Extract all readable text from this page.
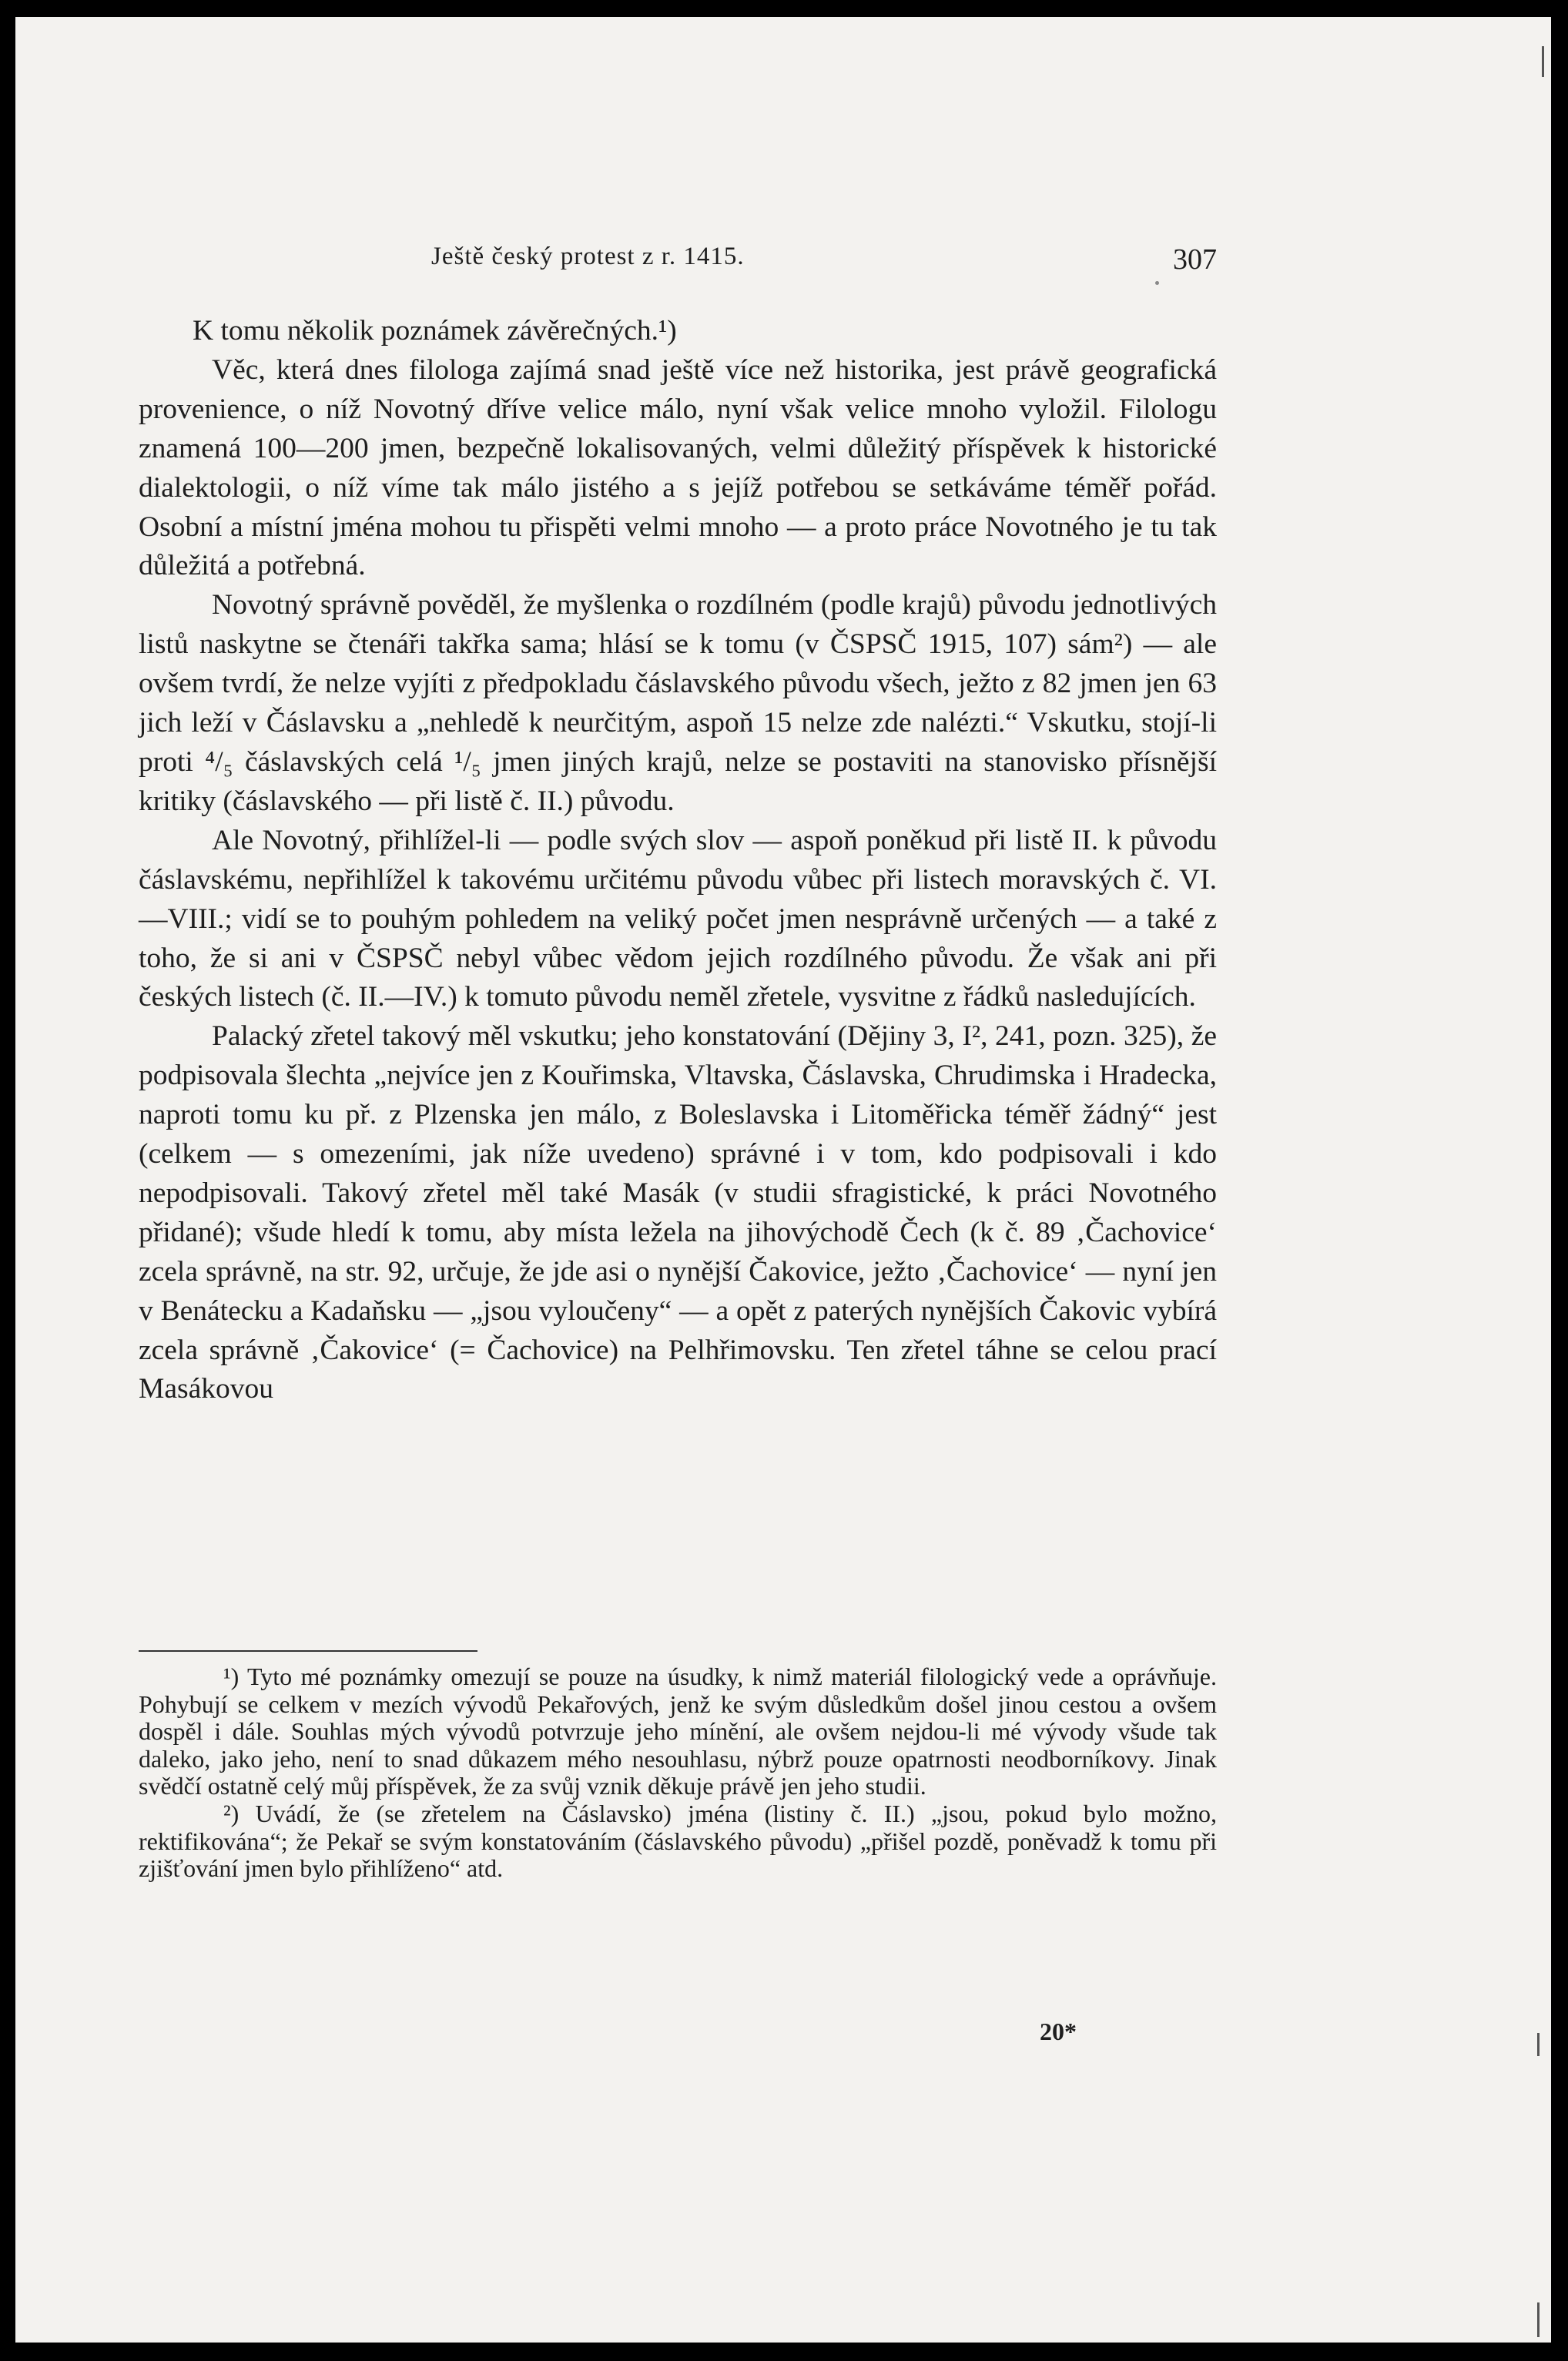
Ještě český protest z r. 1415.	307

K tomu několik poznámek závěrečných.¹)

Věc, která dnes filologa zajímá snad ještě více než historika, jest právě geografická provenience, o níž Novotný dříve velice málo, nyní však velice mnoho vyložil. Filologu znamená 100—200 jmen, bezpečně lokalisovaných, velmi důležitý příspěvek k historické dialektologii, o níž víme tak málo jistého a s jejíž potřebou se setkáváme téměř pořád. Osobní a místní jména mohou tu přispěti velmi mnoho — a proto práce Novotného je tu tak důležitá a potřebná.

Novotný správně pověděl, že myšlenka o rozdílném (podle krajů) původu jednotlivých listů naskytne se čtenáři takřka sama; hlásí se k tomu (v ČSPSČ 1915, 107) sám²) — ale ovšem tvrdí, že nelze vyjíti z předpokladu čáslavského původu všech, ježto z 82 jmen jen 63 jich leží v Čáslavsku a „nehledě k neurčitým, aspoň 15 nelze zde nalézti.“ Vskutku, stojí-li proti ⁴/₅ čáslavských celá ¹/₅ jmen jiných krajů, nelze se postaviti na stanovisko přísnější kritiky (čáslavského — při listě č. II.) původu.

Ale Novotný, přihlížel-li — podle svých slov — aspoň poněkud při listě II. k původu čáslavskému, nepřihlížel k takovému určitému původu vůbec při listech moravských č. VI.—VIII.; vidí se to pouhým pohledem na veliký počet jmen nesprávně určených — a také z toho, že si ani v ČSPSČ nebyl vůbec vědom jejich rozdílného původu. Že však ani při českých listech (č. II.—IV.) k tomuto původu neměl zřetele, vysvitne z řádků nasledujících.

Palacký zřetel takový měl vskutku; jeho konstatování (Dějiny 3, I², 241, pozn. 325), že podpisovala šlechta „nejvíce jen z Kouřimska, Vltavska, Čáslavska, Chrudimska i Hradecka, naproti tomu ku př. z Plzenska jen málo, z Boleslavska i Litoměřicka téměř žádný“ jest (celkem — s omezeními, jak níže uvedeno) správné i v tom, kdo podpisovali i kdo nepodpisovali. Takový zřetel měl také Masák (v studii sfragistické, k práci Novotného přidané); všude hledí k tomu, aby místa ležela na jihovýchodě Čech (k č. 89 ‚Čachovice‘ zcela správně, na str. 92, určuje, že jde asi o nynější Čakovice, ježto ‚Čachovice‘ — nyní jen v Benátecku a Kadaňsku — „jsou vyloučeny“ — a opět z paterých nynějších Čakovic vybírá zcela správně ‚Čakovice‘ (= Čachovice) na Pelhřimovsku. Ten zřetel táhne se celou prací Masákovou

¹) Tyto mé poznámky omezují se pouze na úsudky, k nimž materiál filologický vede a oprávňuje. Pohybují se celkem v mezích vývodů Pekařových, jenž ke svým důsledkům došel jinou cestou a ovšem dospěl i dále. Souhlas mých vývodů potvrzuje jeho mínění, ale ovšem nejdou-li mé vývody všude tak daleko, jako jeho, není to snad důkazem mého nesouhlasu, nýbrž pouze opatrnosti neodborníkovy. Jinak svědčí ostatně celý můj příspěvek, že za svůj vznik děkuje právě jen jeho studii.

²) Uvádí, že (se zřetelem na Čáslavsko) jména (listiny č. II.) „jsou, pokud bylo možno, rektifikována“; že Pekař se svým konstatováním (čáslavského původu) „přišel pozdě, poněvadž k tomu při zjišťování jmen bylo přihlíženo“ atd.

20*
